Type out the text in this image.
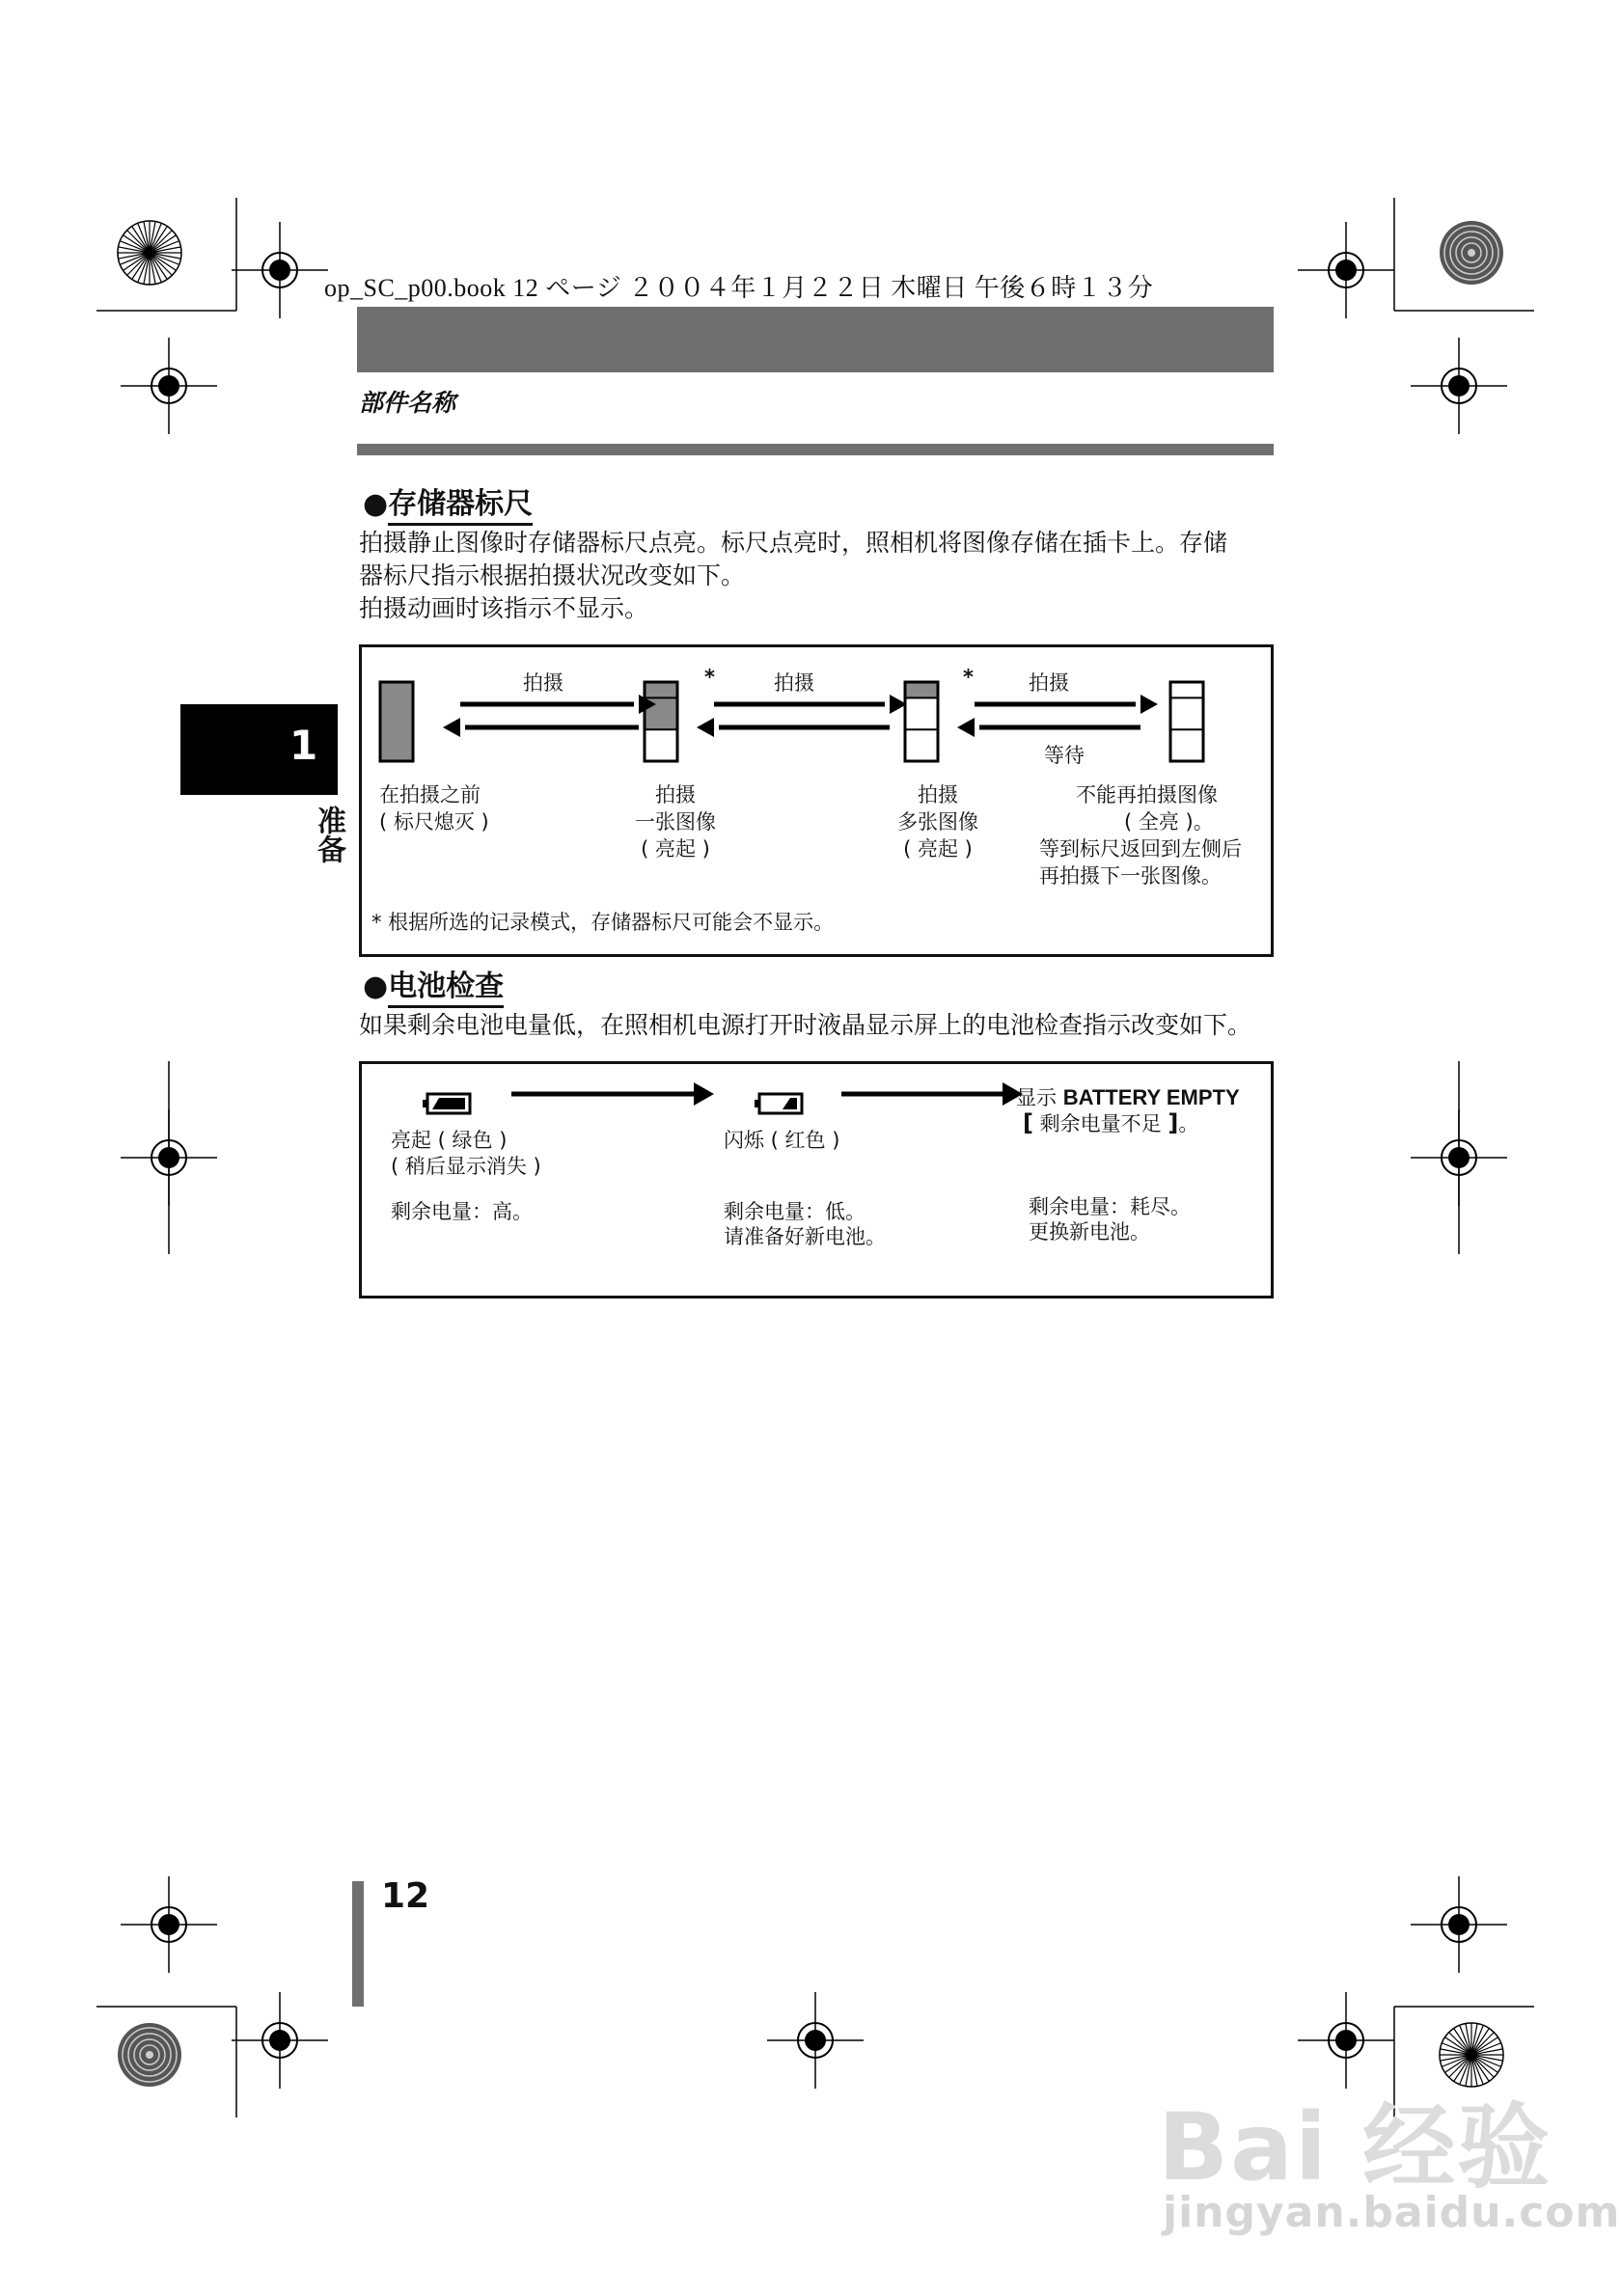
op_SC_p00.book 12 ページ ２００４年１月２２日 木曜日 午後６時１３分
部件名称
●存储器标尺
拍摄静止图像时存储器标尺点亮。标尺点亮时，照相机将图像存储在插卡上。存储
器标尺指示根据拍摄状况改变如下。
拍摄动画时该指示不显示。
拍摄	拍摄	拍摄
等待
*	*
在拍摄之前
( 标尺熄灭 )
拍摄
一张图像
( 亮起 )
拍摄
多张图像
( 亮起 )
不能再拍摄图像
( 全亮 )。
等到标尺返回到左侧后
再拍摄下一张图像。
* 根据所选的记录模式，存储器标尺可能会不显示。
●电池检查
如果剩余电池电量低，在照相机电源打开时液晶显示屏上的电池检查指示改变如下。
亮起 ( 绿色 )
( 稍后显示消失 )
剩余电量：高。
闪烁 ( 红色 )
剩余电量：低。
请准备好新电池。
显示 BATTERY EMPTY
[ 剩余电量不足 ]。
剩余电量：耗尽。
更换新电池。
1
准备
12
Bai 经验
jingyan.baidu.com
